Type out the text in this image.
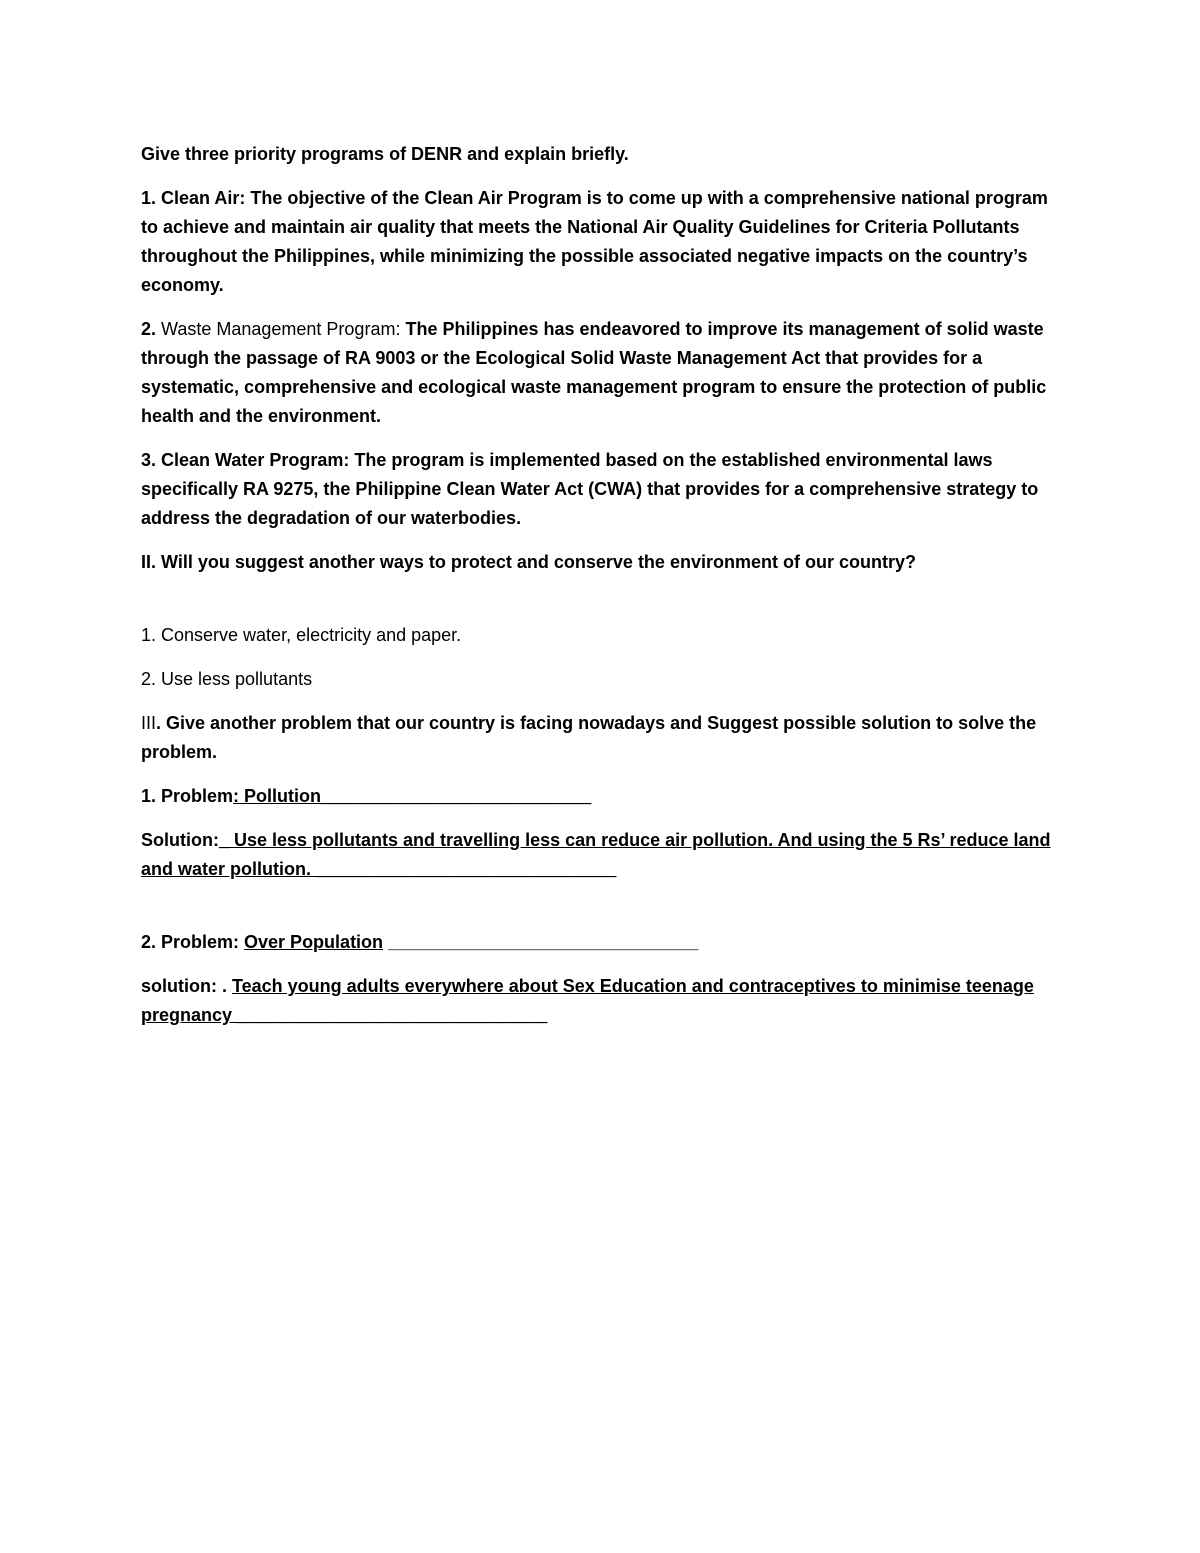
Give three priority programs of DENR and explain briefly.

1. Clean Air: The objective of the Clean Air Program is to come up with a comprehensive national program to achieve and maintain air quality that meets the National Air Quality Guidelines for Criteria Pollutants throughout the Philippines, while minimizing the possible associated negative impacts on the country’s economy.

2. Waste Management Program: The Philippines has endeavored to improve its management of solid waste through the passage of RA 9003 or the Ecological Solid Waste Management Act that provides for a systematic, comprehensive and ecological waste management program to ensure the protection of public health and the environment.

3. Clean Water Program: The program is implemented based on the established environmental laws specifically RA 9275, the Philippine Clean Water Act (CWA) that provides for a comprehensive strategy to address the degradation of our waterbodies.

II. Will you suggest another ways to protect and conserve the environment of our country?

1. Conserve water, electricity and paper.

2. Use less pollutants

III. Give another problem that our country is facing nowadays and Suggest possible solution to solve the problem.

1. Problem: Pollution___________________________

Solution:_ Use less pollutants and travelling less can reduce air pollution. And using the 5 Rs’ reduce land and water pollution. ______________________________

2. Problem: Over Population _______________________________

solution: . Teach young adults everywhere about Sex Education and contraceptives to minimise teenage pregnancy _______________________________
